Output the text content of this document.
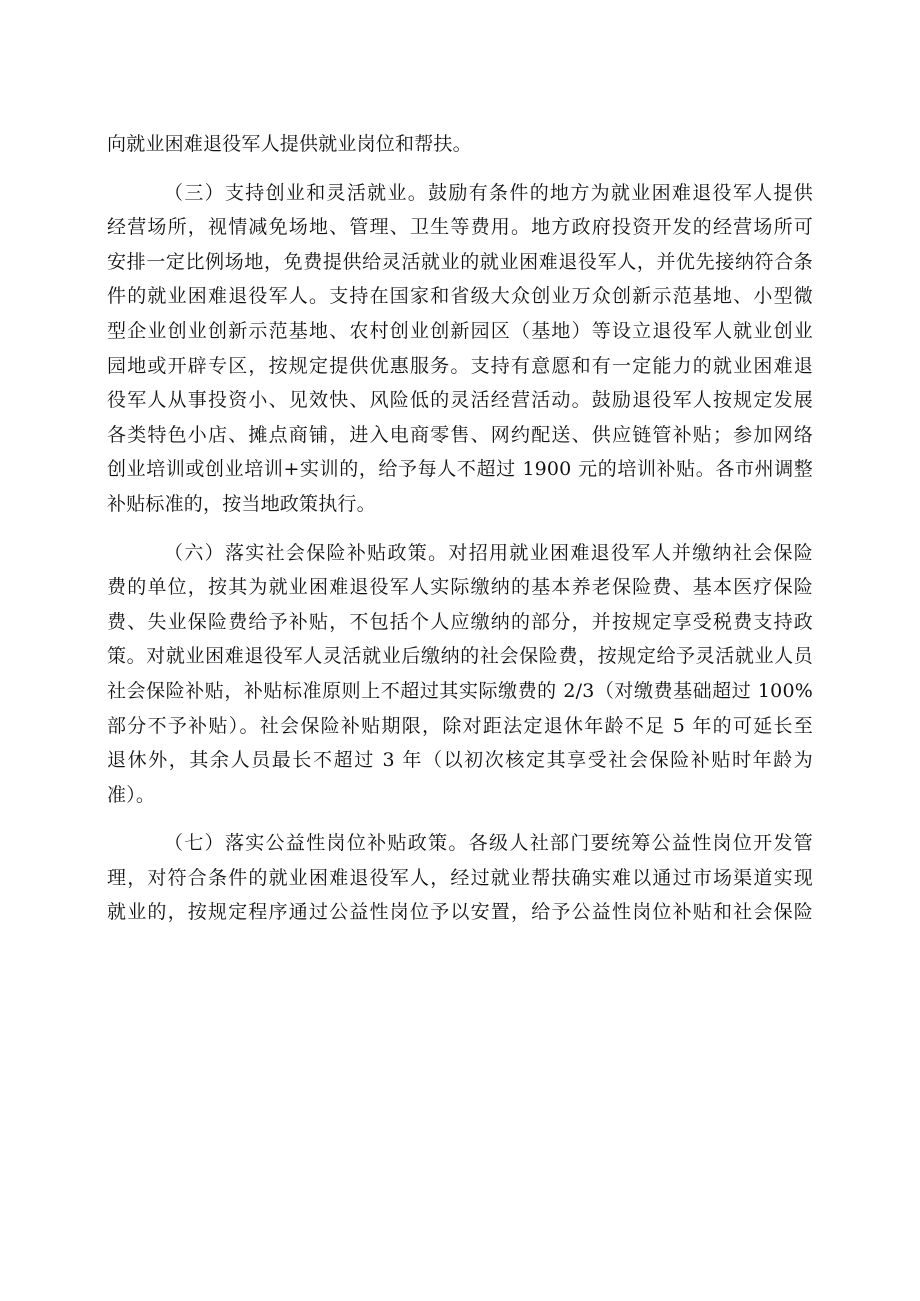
向就业困难退役军人提供就业岗位和帮扶。
（三）支持创业和灵活就业。鼓励有条件的地方为就业困难退役军人提供
经营场所，视情减免场地、管理、卫生等费用。地方政府投资开发的经营场所可
安排一定比例场地，免费提供给灵活就业的就业困难退役军人，并优先接纳符合条
件的就业困难退役军人。支持在国家和省级大众创业万众创新示范基地、小型微
型企业创业创新示范基地、农村创业创新园区（基地）等设立退役军人就业创业
园地或开辟专区，按规定提供优惠服务。支持有意愿和有一定能力的就业困难退
役军人从事投资小、见效快、风险低的灵活经营活动。鼓励退役军人按规定发展
各类特色小店、摊点商铺，进入电商零售、网约配送、供应链管补贴；参加网络
创业培训或创业培训+实训的，给予每人不超过 1900 元的培训补贴。各市州调整
补贴标准的，按当地政策执行。
（六）落实社会保险补贴政策。对招用就业困难退役军人并缴纳社会保险
费的单位，按其为就业困难退役军人实际缴纳的基本养老保险费、基本医疗保险
费、失业保险费给予补贴，不包括个人应缴纳的部分，并按规定享受税费支持政
策。对就业困难退役军人灵活就业后缴纳的社会保险费，按规定给予灵活就业人员
社会保险补贴，补贴标准原则上不超过其实际缴费的 2/3（对缴费基础超过 100%
部分不予补贴）。社会保险补贴期限，除对距法定退休年龄不足 5 年的可延长至
退休外，其余人员最长不超过 3 年（以初次核定其享受社会保险补贴时年龄为
准）。
（七）落实公益性岗位补贴政策。各级人社部门要统筹公益性岗位开发管
理，对符合条件的就业困难退役军人，经过就业帮扶确实难以通过市场渠道实现
就业的，按规定程序通过公益性岗位予以安置，给予公益性岗位补贴和社会保险
